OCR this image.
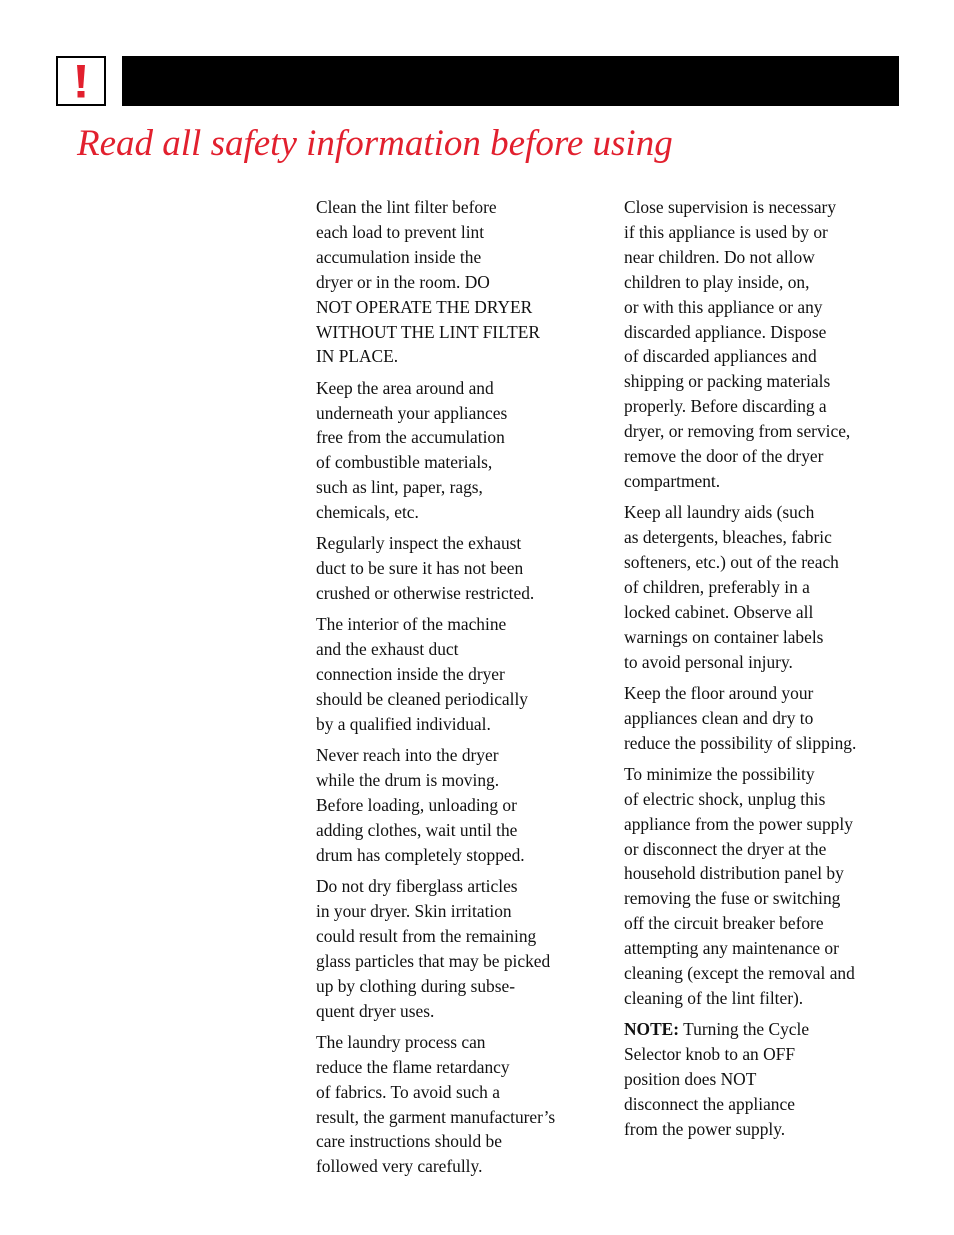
Read all safety information before using

Clean the lint filter before
each load to prevent lint
accumulation inside the
dryer or in the room. DO
NOT OPERATE THE DRYER
WITHOUT THE LINT FILTER
IN PLACE.

Keep the area around and
underneath your appliances
free from the accumulation
of combustible materials,
such as lint, paper, rags,
chemicals, etc.

Regularly inspect the exhaust
duct to be sure it has not been
crushed or otherwise restricted.

The interior of the machine
and the exhaust duct
connection inside the dryer
should be cleaned periodically
by a qualified individual.

Never reach into the dryer
while the drum is moving.
Before loading, unloading or
adding clothes, wait until the
drum has completely stopped.

Do not dry fiberglass articles
in your dryer. Skin irritation
could result from the remaining
glass particles that may be picked
up by clothing during subse-
quent dryer uses.

The laundry process can
reduce the flame retardancy
of fabrics. To avoid such a
result, the garment manufacturer’s
care instructions should be
followed very carefully.

Close supervision is necessary
if this appliance is used by or
near children. Do not allow
children to play inside, on,
or with this appliance or any
discarded appliance. Dispose
of discarded appliances and
shipping or packing materials
properly. Before discarding a
dryer, or removing from service,
remove the door of the dryer
compartment.

Keep all laundry aids (such
as detergents, bleaches, fabric
softeners, etc.) out of the reach
of children, preferably in a
locked cabinet. Observe all
warnings on container labels
to avoid personal injury.

Keep the floor around your
appliances clean and dry to
reduce the possibility of slipping.

To minimize the possibility
of electric shock, unplug this
appliance from the power supply
or disconnect the dryer at the
household distribution panel by
removing the fuse or switching
off the circuit breaker before
attempting any maintenance or
cleaning (except the removal and
cleaning of the lint filter).

NOTE: Turning the Cycle
Selector knob to an OFF
position does NOT
disconnect the appliance
from the power supply.
